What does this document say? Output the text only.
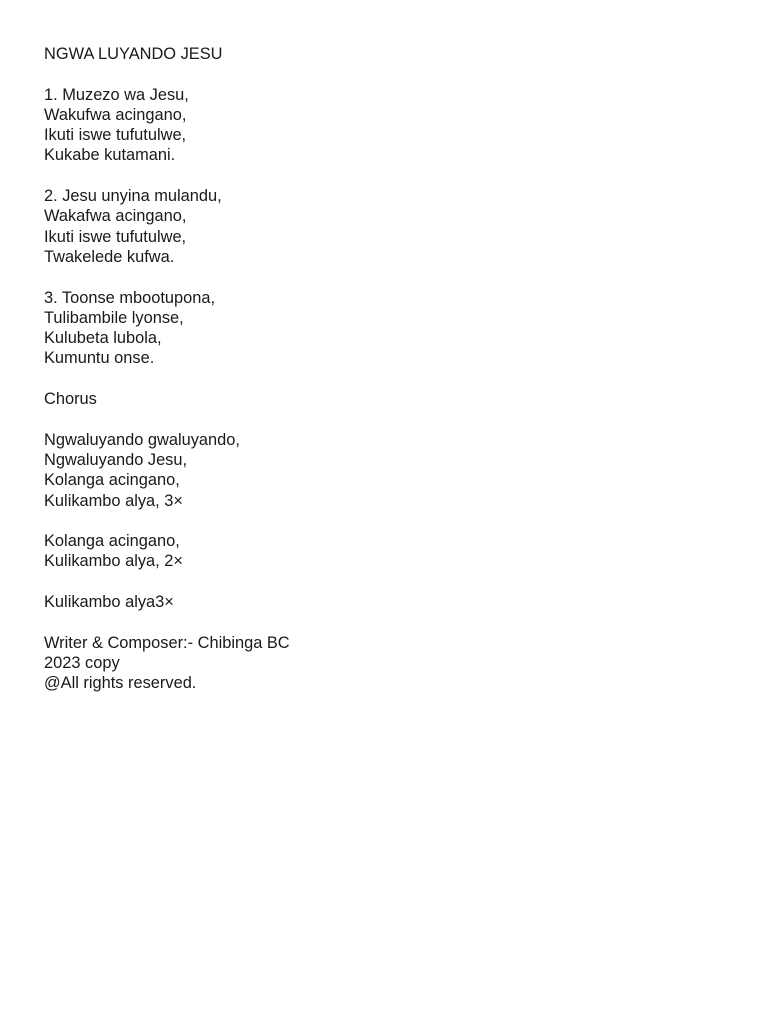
NGWA LUYANDO JESU
1. Muzezo wa Jesu,
Wakufwa acingano,
Ikuti iswe tufutulwe,
Kukabe kutamani.
2. Jesu unyina mulandu,
Wakafwa acingano,
Ikuti iswe tufutulwe,
Twakelede kufwa.
3. Toonse mbootupona,
Tulibambile lyonse,
Kulubeta lubola,
Kumuntu onse.
Chorus
Ngwaluyando gwaluyando,
Ngwaluyando Jesu,
Kolanga acingano,
Kulikambo alya, 3×
Kolanga acingano,
Kulikambo alya, 2×
Kulikambo alya3×
Writer & Composer:- Chibinga BC
2023 copy
@All rights reserved.
